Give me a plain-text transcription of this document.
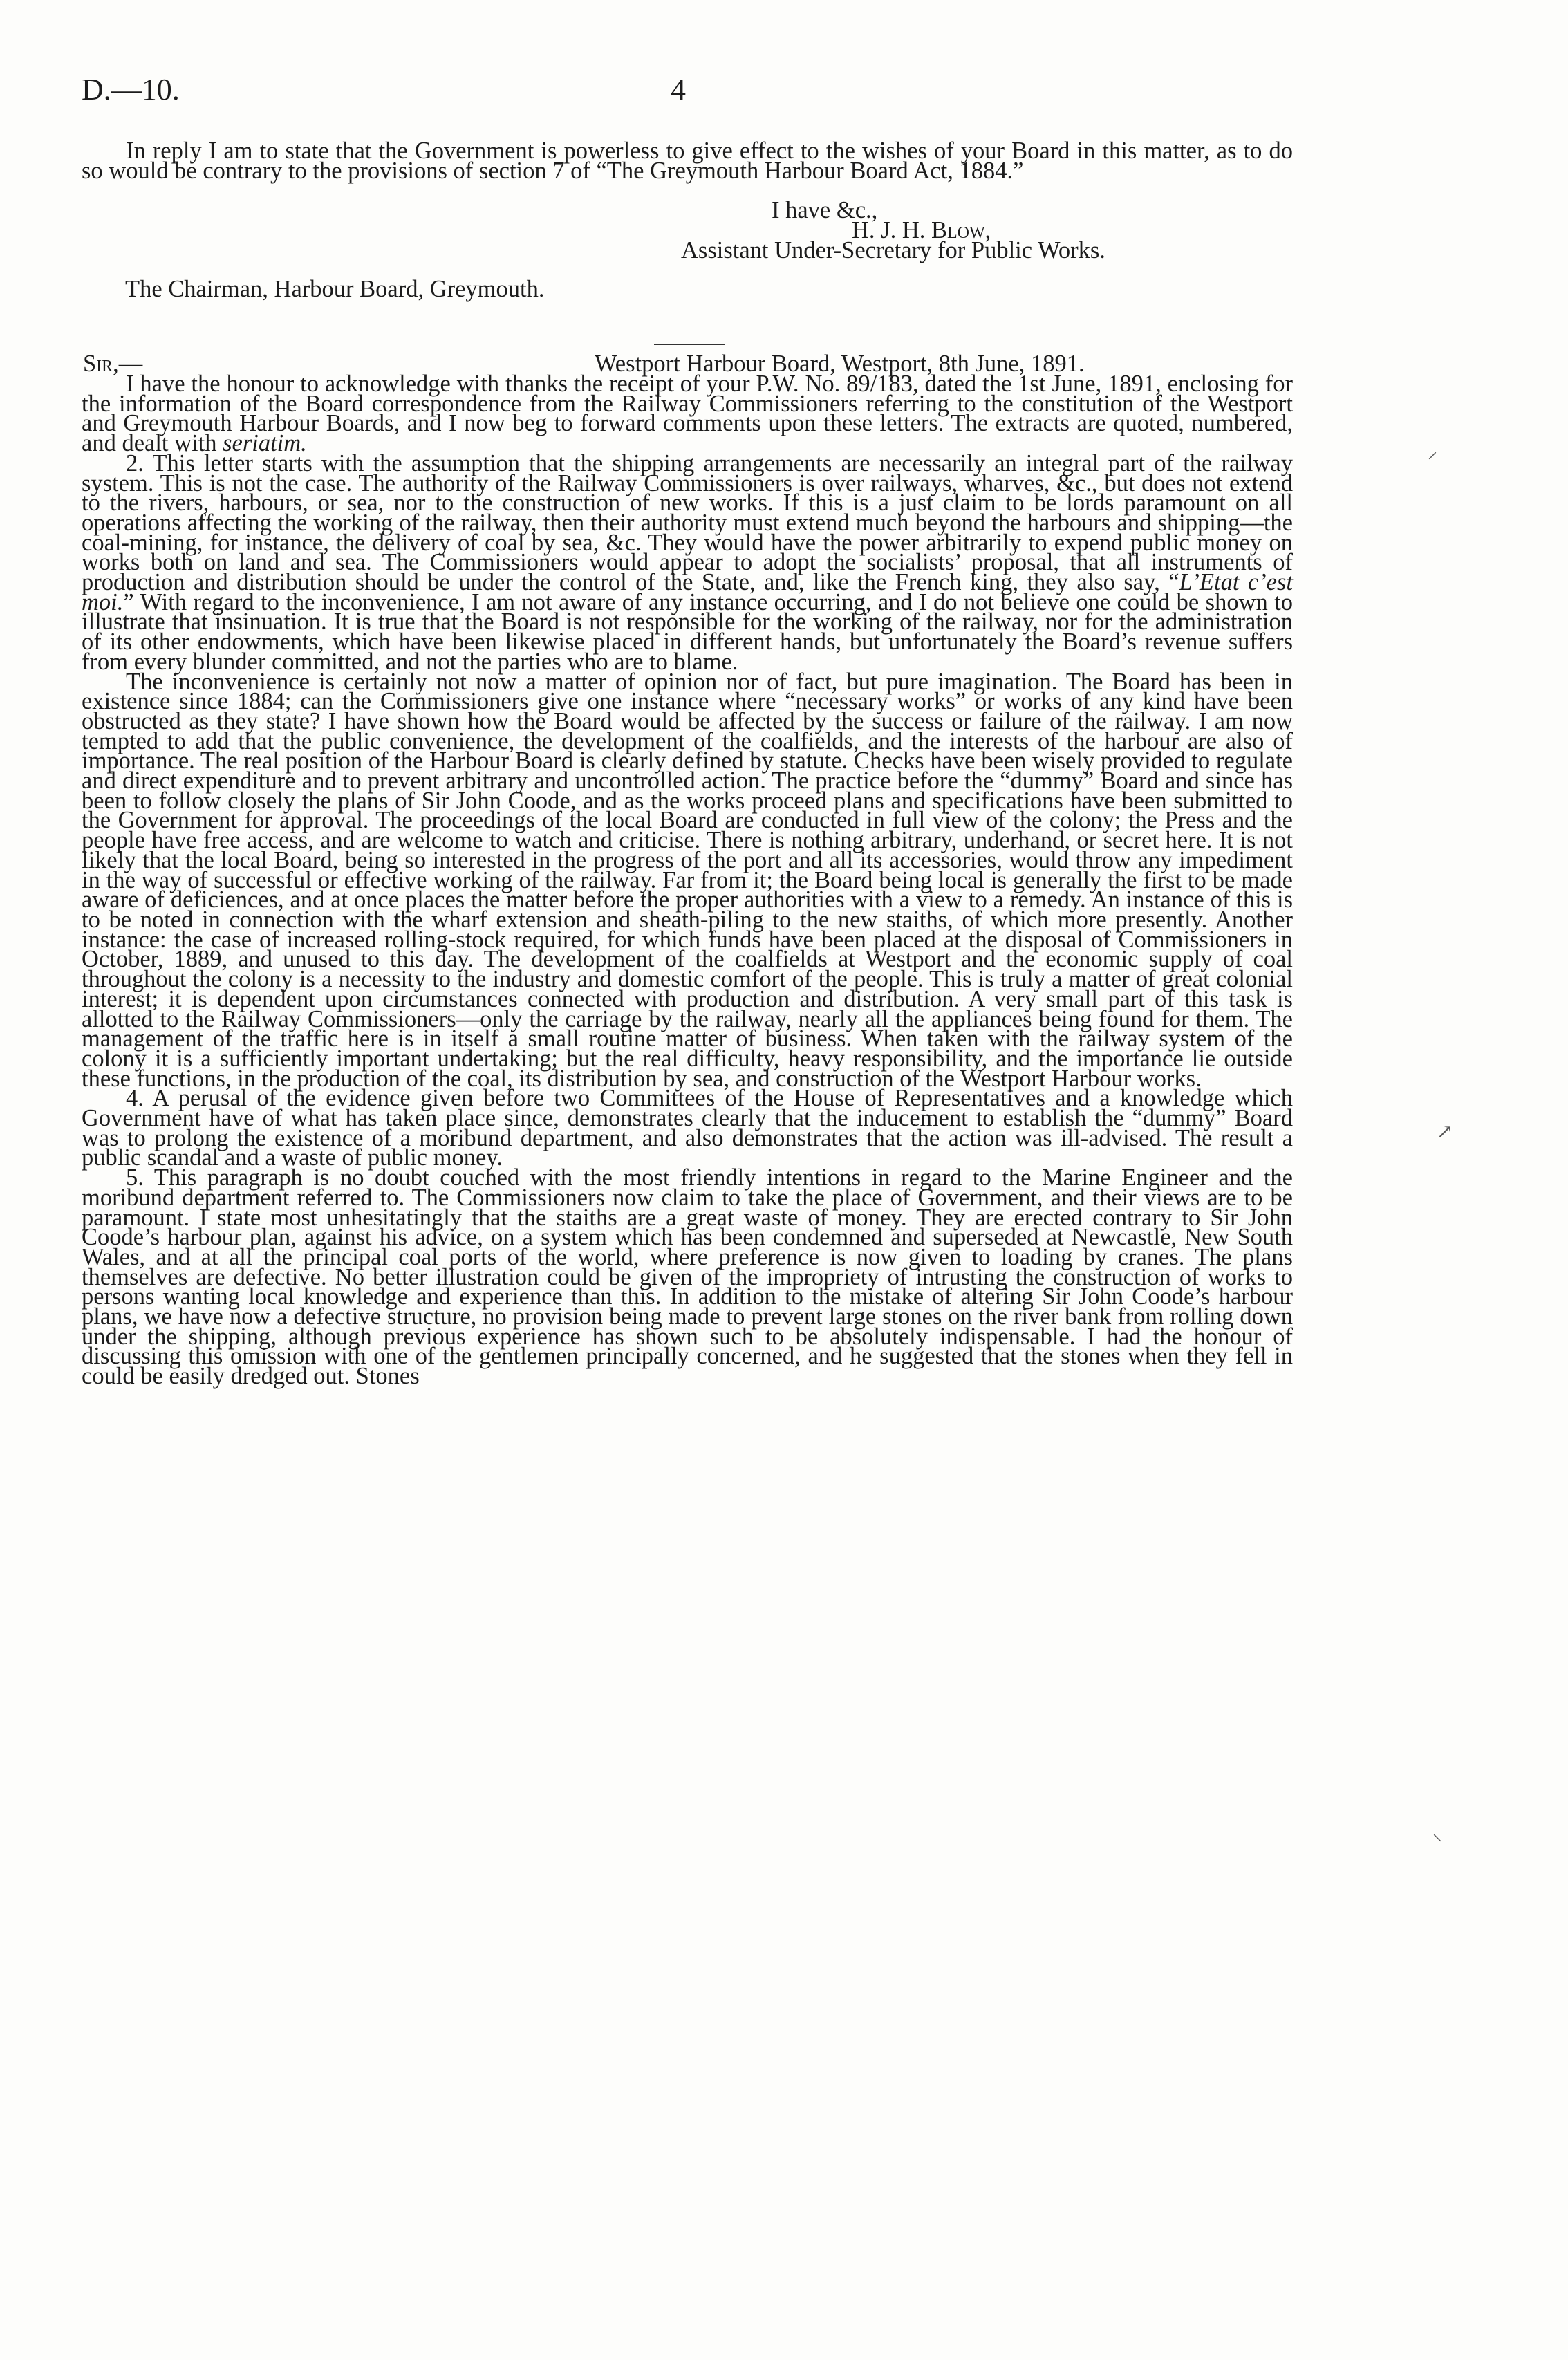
D.—10.	4

In reply I am to state that the Government is powerless to give effect to the wishes of your Board in this matter, as to do so would be contrary to the provisions of section 7 of “The Greymouth Harbour Board Act, 1884.”

I have &c.,
H. J. H. Blow,
Assistant Under-Secretary for Public Works.
The Chairman, Harbour Board, Greymouth.
Sir,—	Westport Harbour Board, Westport, 8th June, 1891.

I have the honour to acknowledge with thanks the receipt of your P.W. No. 89/183, dated the 1st June, 1891, enclosing for the information of the Board correspondence from the Railway Commissioners referring to the constitution of the Westport and Greymouth Harbour Boards, and I now beg to forward comments upon these letters. The extracts are quoted, numbered, and dealt with seriatim.

2. This letter starts with the assumption that the shipping arrangements are necessarily an integral part of the railway system. This is not the case. The authority of the Railway Commissioners is over railways, wharves, &c., but does not extend to the rivers, harbours, or sea, nor to the construction of new works. If this is a just claim to be lords paramount on all operations affecting the working of the railway, then their authority must extend much beyond the harbours and shipping—the coal-mining, for instance, the delivery of coal by sea, &c. They would have the power arbitrarily to expend public money on works both on land and sea. The Commissioners would appear to adopt the socialists’ proposal, that all instruments of production and distribution should be under the control of the State, and, like the French king, they also say, “L’Etat c’est moi.” With regard to the inconvenience, I am not aware of any instance occurring, and I do not believe one could be shown to illustrate that insinuation. It is true that the Board is not responsible for the working of the railway, nor for the administration of its other endowments, which have been likewise placed in different hands, but unfortunately the Board’s revenue suffers from every blunder committed, and not the parties who are to blame.

The inconvenience is certainly not now a matter of opinion nor of fact, but pure imagination. The Board has been in existence since 1884; can the Commissioners give one instance where “necessary works” or works of any kind have been obstructed as they state? I have shown how the Board would be affected by the success or failure of the railway. I am now tempted to add that the public convenience, the development of the coalfields, and the interests of the harbour are also of importance. The real position of the Harbour Board is clearly defined by statute. Checks have been wisely provided to regulate and direct expenditure and to prevent arbitrary and uncontrolled action. The practice before the “dummy” Board and since has been to follow closely the plans of Sir John Coode, and as the works proceed plans and specifications have been submitted to the Government for approval. The proceedings of the local Board are conducted in full view of the colony; the Press and the people have free access, and are welcome to watch and criticise. There is nothing arbitrary, underhand, or secret here. It is not likely that the local Board, being so interested in the progress of the port and all its accessories, would throw any impediment in the way of successful or effective working of the railway. Far from it; the Board being local is generally the first to be made aware of deficiences, and at once places the matter before the proper authorities with a view to a remedy. An instance of this is to be noted in connection with the wharf extension and sheath-piling to the new staiths, of which more presently. Another instance: the case of increased rolling-stock required, for which funds have been placed at the disposal of Commissioners in October, 1889, and unused to this day. The development of the coalfields at Westport and the economic supply of coal throughout the colony is a necessity to the industry and domestic comfort of the people. This is truly a matter of great colonial interest; it is dependent upon circumstances connected with production and distribution. A very small part of this task is allotted to the Railway Commissioners—only the carriage by the railway, nearly all the appliances being found for them. The management of the traffic here is in itself a small routine matter of business. When taken with the railway system of the colony it is a sufficiently important undertaking; but the real difficulty, heavy responsibility, and the importance lie outside these functions, in the production of the coal, its distribution by sea, and construction of the Westport Harbour works.

4. A perusal of the evidence given before two Committees of the House of Representatives and a knowledge which Government have of what has taken place since, demonstrates clearly that the inducement to establish the “dummy” Board was to prolong the existence of a moribund department, and also demonstrates that the action was ill-advised. The result a public scandal and a waste of public money.

5. This paragraph is no doubt couched with the most friendly intentions in regard to the Marine Engineer and the moribund department referred to. The Commissioners now claim to take the place of Government, and their views are to be paramount. I state most unhesitatingly that the staiths are a great waste of money. They are erected contrary to Sir John Coode’s harbour plan, against his advice, on a system which has been condemned and superseded at Newcastle, New South Wales, and at all the principal coal ports of the world, where preference is now given to loading by cranes. The plans themselves are defective. No better illustration could be given of the impropriety of intrusting the construction of works to persons wanting local knowledge and experience than this. In addition to the mistake of altering Sir John Coode’s harbour plans, we have now a defective structure, no provision being made to prevent large stones on the river bank from rolling down under the shipping, although previous experience has shown such to be absolutely indispensable. I had the honour of discussing this omission with one of the gentlemen principally concerned, and he suggested that the stones when they fell in could be easily dredged out. Stones

⸝
↗
⸜
